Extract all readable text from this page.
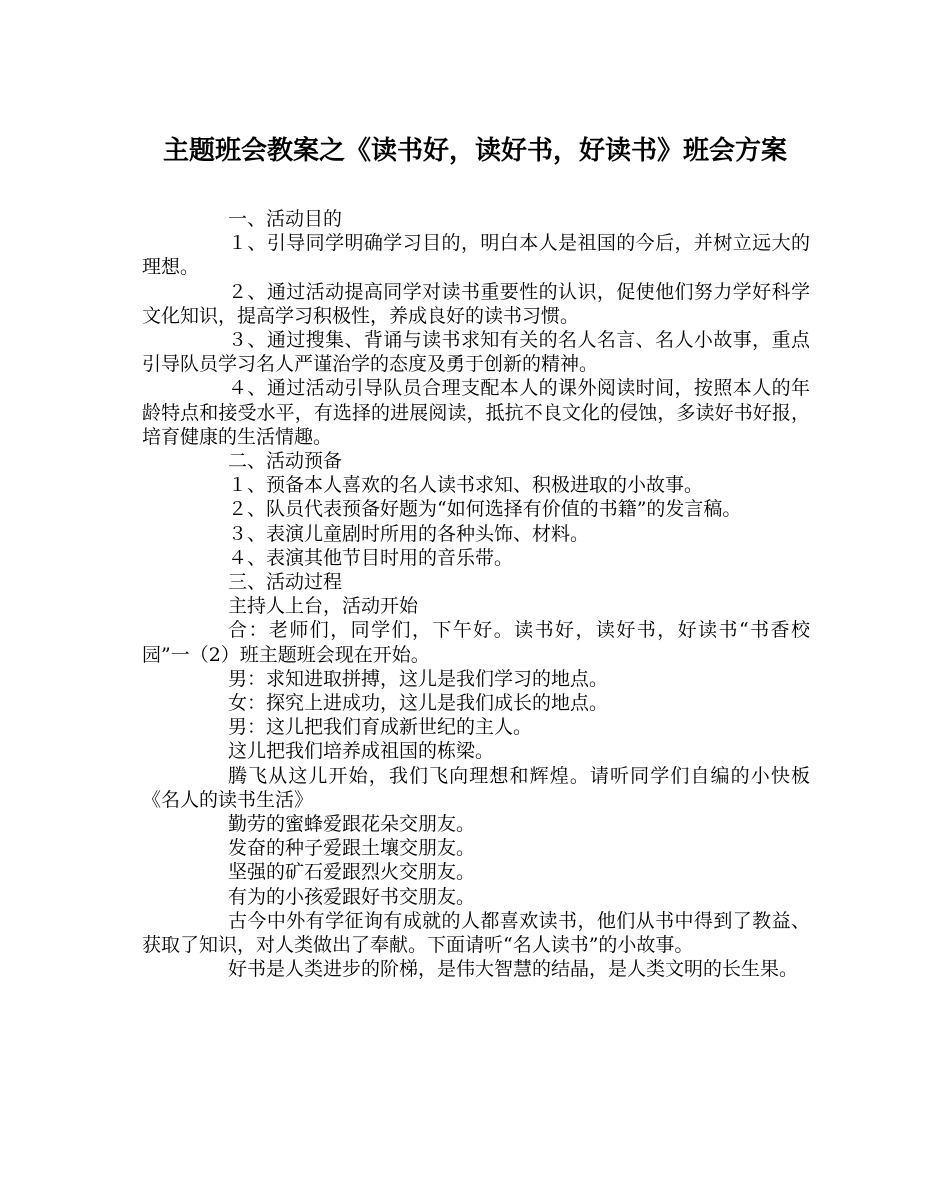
主题班会教案之《读书好，读好书，好读书》班会方案

一、活动目的

１、引导同学明确学习目的，明白本人是祖国的今后，并树立远大的理想。

２、通过活动提高同学对读书重要性的认识，促使他们努力学好科学文化知识，提高学习积极性，养成良好的读书习惯。

３、通过搜集、背诵与读书求知有关的名人名言、名人小故事，重点引导队员学习名人严谨治学的态度及勇于创新的精神。

４、通过活动引导队员合理支配本人的课外阅读时间，按照本人的年龄特点和接受水平，有选择的进展阅读，抵抗不良文化的侵蚀，多读好书好报，培育健康的生活情趣。

二、活动预备

１、预备本人喜欢的名人读书求知、积极进取的小故事。

２、队员代表预备好题为“如何选择有价值的书籍”的发言稿。

３、表演儿童剧时所用的各种头饰、材料。

４、表演其他节目时用的音乐带。

三、活动过程

主持人上台，活动开始

合：老师们，同学们，下午好。读书好，读好书，好读书“书香校园”一（2）班主题班会现在开始。

男：求知进取拼搏，这儿是我们学习的地点。

女：探究上进成功，这儿是我们成长的地点。

男：这儿把我们育成新世纪的主人。

这儿把我们培养成祖国的栋梁。

腾飞从这儿开始，我们飞向理想和辉煌。请听同学们自编的小快板《名人的读书生活》

勤劳的蜜蜂爱跟花朵交朋友。

发奋的种子爱跟土壤交朋友。

坚强的矿石爱跟烈火交朋友。

有为的小孩爱跟好书交朋友。

古今中外有学征询有成就的人都喜欢读书，他们从书中得到了教益、获取了知识，对人类做出了奉献。下面请听“名人读书”的小故事。

好书是人类进步的阶梯，是伟大智慧的结晶，是人类文明的长生果。
